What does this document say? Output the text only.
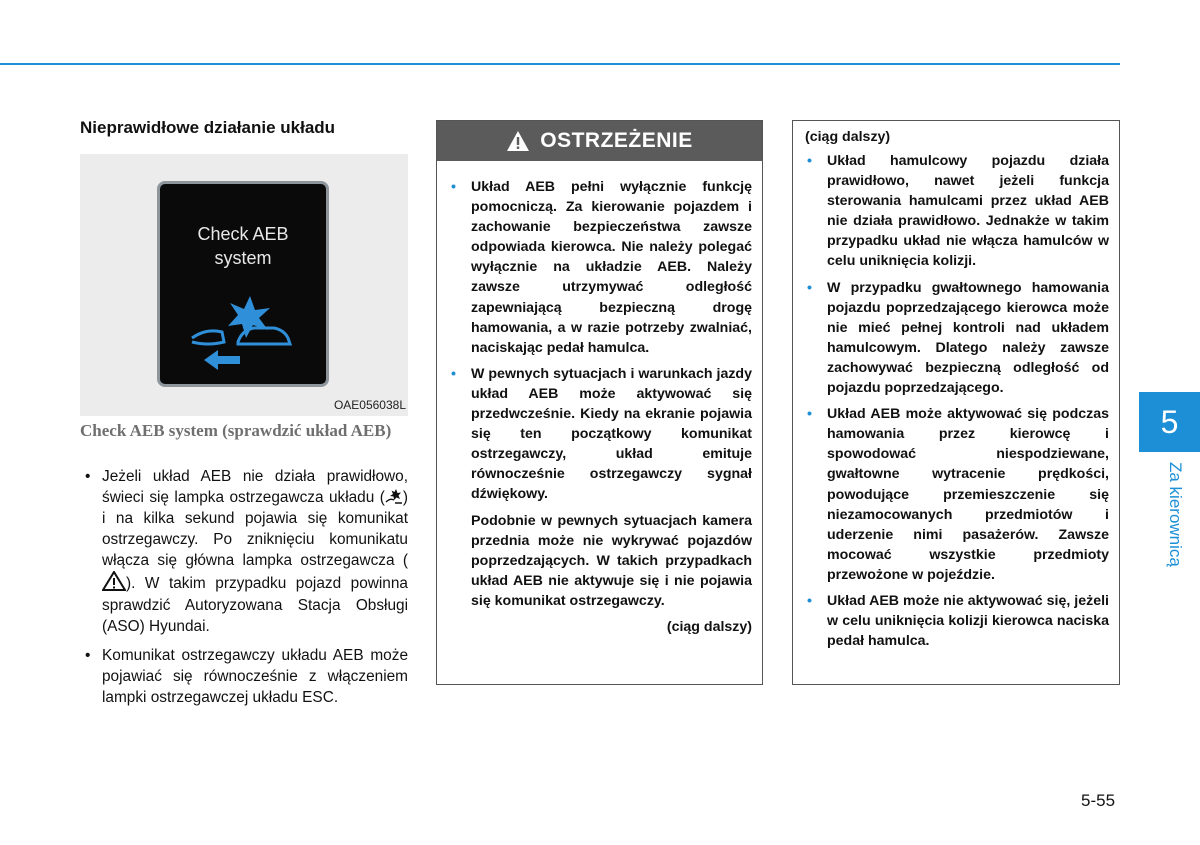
Nieprawidłowe działanie układu
Check AEB
system
OAE056038L
Check AEB system (sprawdzić układ AEB)
• Jeżeli układ AEB nie działa prawidłowo, świeci się lampka ostrzegawcza układu ( ) i na kilka sekund pojawia się komunikat ostrzegawczy. Po zniknięciu komunikatu włącza się główna lampka ostrzegawcza (). W takim przypadku pojazd powinna sprawdzić Autoryzowana Stacja Obsługi (ASO) Hyundai.
• Komunikat ostrzegawczy układu AEB może pojawiać się równocześnie z włączeniem lampki ostrzegawczej układu ESC.
OSTRZEŻENIE
• Układ AEB pełni wyłącznie funkcję pomocniczą. Za kierowanie pojazdem i zachowanie bezpieczeństwa zawsze odpowiada kierowca. Nie należy polegać wyłącznie na układzie AEB. Należy zawsze utrzymywać odległość zapewniającą bezpieczną drogę hamowania, a w razie potrzeby zwalniać, naciskając pedał hamulca.
• W pewnych sytuacjach i warunkach jazdy układ AEB może aktywować się przedwcześnie. Kiedy na ekranie pojawia się ten początkowy komunikat ostrzegawczy, układ emituje równocześnie ostrzegawczy sygnał dźwiękowy.

Podobnie w pewnych sytuacjach kamera przednia może nie wykrywać pojazdów poprzedzających. W takich przypadkach układ AEB nie aktywuje się i nie pojawia się komunikat ostrzegawczy.

(ciąg dalszy)
(ciąg dalszy)
• Układ hamulcowy pojazdu działa prawidłowo, nawet jeżeli funkcja sterowania hamulcami przez układ AEB nie działa prawidłowo. Jednakże w takim przypadku układ nie włącza hamulców w celu uniknięcia kolizji.
• W przypadku gwałtownego hamowania pojazdu poprzedzającego kierowca może nie mieć pełnej kontroli nad układem hamulcowym. Dlatego należy zawsze zachowywać bezpieczną odległość od pojazdu poprzedzającego.
• Układ AEB może aktywować się podczas hamowania przez kierowcę i spowodować niespodziewane, gwałtowne wytracenie prędkości, powodujące przemieszczenie się niezamocowanych przedmiotów i uderzenie nimi pasażerów. Zawsze mocować wszystkie przedmioty przewożone w pojeździe.
• Układ AEB może nie aktywować się, jeżeli w celu uniknięcia kolizji kierowca naciska pedał hamulca.
5
Za kierownicą
5-55
